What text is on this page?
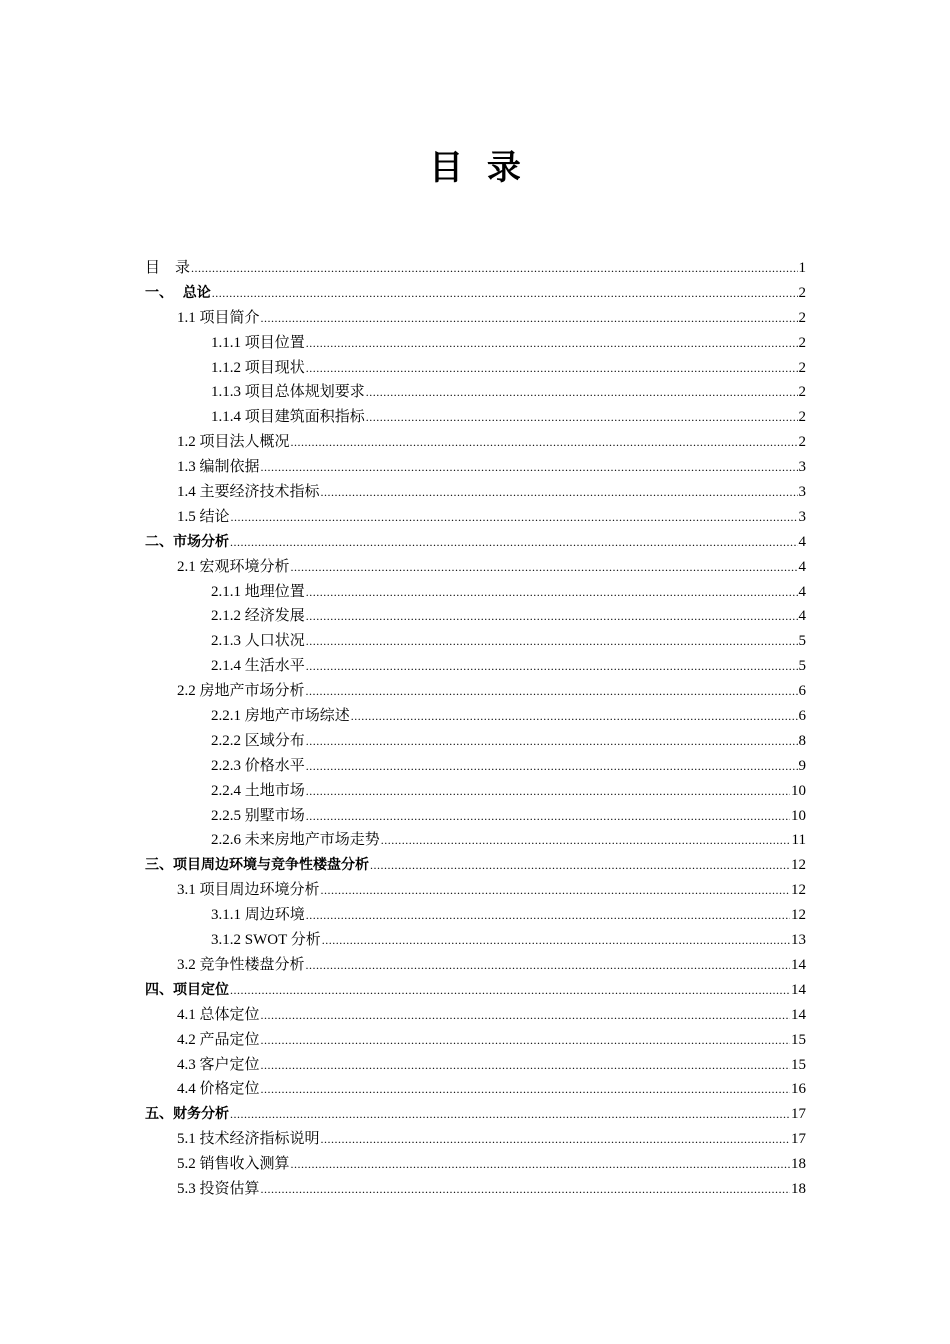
目  录
目    录 .....	1
一、  总论 .....	2
1.1 项目简介 .....	2
1.1.1 项目位置 .....	2
1.1.2 项目现状 .....	2
1.1.3 项目总体规划要求 .....	2
1.1.4 项目建筑面积指标 .....	2
1.2 项目法人概况 .....	2
1.3 编制依据 .....	3
1.4 主要经济技术指标 .....	3
1.5 结论 .....	3
二、市场分析 .....	4
2.1 宏观环境分析 .....	4
2.1.1 地理位置 .....	4
2.1.2 经济发展 .....	4
2.1.3 人口状况 .....	5
2.1.4 生活水平 .....	5
2.2 房地产市场分析 .....	6
2.2.1 房地产市场综述 .....	6
2.2.2 区域分布 .....	8
2.2.3 价格水平 .....	9
2.2.4 土地市场 .....	10
2.2.5 别墅市场 .....	10
2.2.6 未来房地产市场走势 .....	11
三、项目周边环境与竞争性楼盘分析 .....	12
3.1 项目周边环境分析 .....	12
3.1.1 周边环境 .....	12
3.1.2 SWOT 分析 .....	13
3.2 竞争性楼盘分析 .....	14
四、项目定位 .....	14
4.1 总体定位 .....	14
4.2 产品定位 .....	15
4.3 客户定位 .....	15
4.4 价格定位 .....	16
五、财务分析 .....	17
5.1 技术经济指标说明 .....	17
5.2 销售收入测算 .....	18
5.3 投资估算 .....	18
